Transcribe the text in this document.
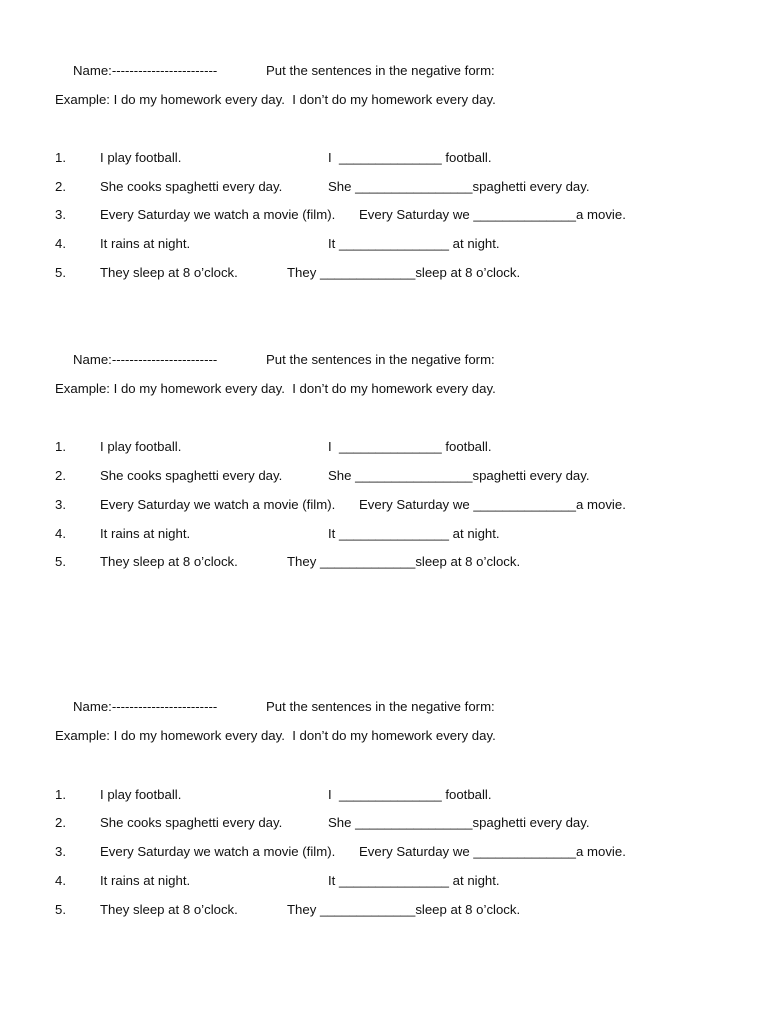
Name:------------------------	Put the sentences in the negative form:
Example: I do my homework every day.  I don’t do my homework every day.
1.	I play football.	I  ______________ football.
2.	She cooks spaghetti every day.	She ________________spaghetti every day.
3.	Every Saturday we watch a movie (film). Every Saturday we ______________a movie.
4.	It rains at night.	It _______________ at night.
5.	They sleep at 8 o’clock.	They _____________sleep at 8 o’clock.
Name:------------------------	Put the sentences in the negative form:
Example: I do my homework every day.  I don’t do my homework every day.
1.	I play football.	I  ______________ football.
2.	She cooks spaghetti every day.	She ________________spaghetti every day.
3.	Every Saturday we watch a movie (film). Every Saturday we ______________a movie.
4.	It rains at night.	It _______________ at night.
5.	They sleep at 8 o’clock.	They _____________sleep at 8 o’clock.
Name:------------------------	Put the sentences in the negative form:
Example: I do my homework every day.  I don’t do my homework every day.
1.	I play football.	I  ______________ football.
2.	She cooks spaghetti every day.	She ________________spaghetti every day.
3.	Every Saturday we watch a movie (film). Every Saturday we ______________a movie.
4.	It rains at night.	It _______________ at night.
5.	They sleep at 8 o’clock.	They _____________sleep at 8 o’clock.
